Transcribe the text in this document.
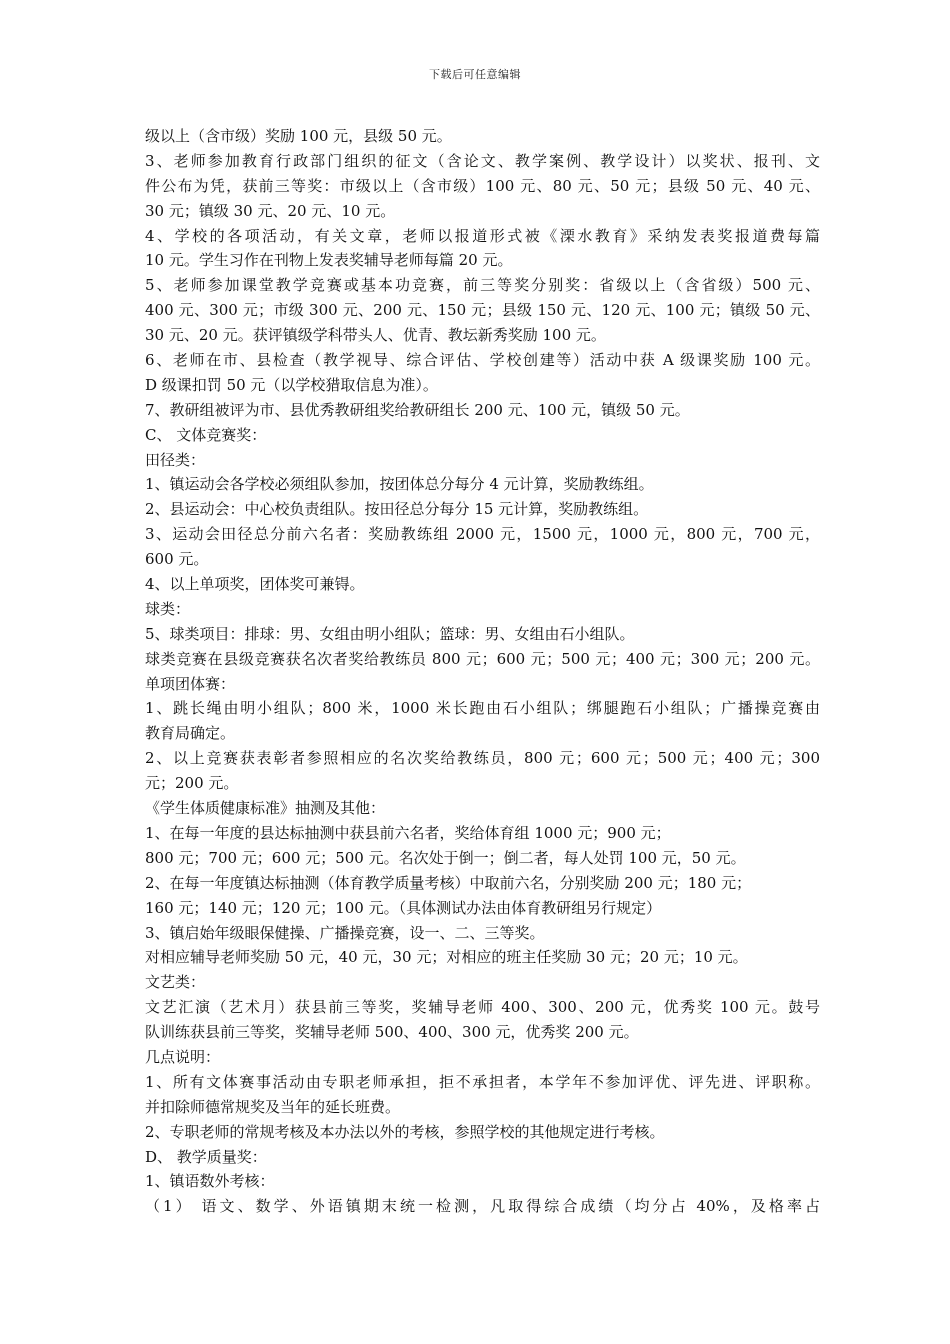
下载后可任意编辑
级以上（含市级）奖励 100 元，县级 50 元。
3、老师参加教育行政部门组织的征文（含论文、教学案例、教学设计）以奖状、报刊、文
件公布为凭，获前三等奖：市级以上（含市级）100 元、80 元、50 元；县级 50 元、40 元、
30 元；镇级 30 元、20 元、10 元。
4、学校的各项活动，有关文章，老师以报道形式被《溧水教育》采纳发表奖报道费每篇
10 元。学生习作在刊物上发表奖辅导老师每篇 20 元。
5、老师参加课堂教学竞赛或基本功竞赛，前三等奖分别奖：省级以上（含省级）500 元、
400 元、300 元；市级 300 元、200 元、150 元；县级 150 元、120 元、100 元；镇级 50 元、
30 元、20 元。获评镇级学科带头人、优青、教坛新秀奖励 100 元。
6、老师在市、县检查（教学视导、综合评估、学校创建等）活动中获 A 级课奖励 100 元。
D 级课扣罚 50 元（以学校猎取信息为准）。
7、教研组被评为市、县优秀教研组奖给教研组长 200 元、100 元，镇级 50 元。
C、 文体竞赛奖：
田径类：
1、镇运动会各学校必须组队参加，按团体总分每分 4 元计算，奖励教练组。
2、县运动会：中心校负责组队。按田径总分每分 15 元计算，奖励教练组。
3、运动会田径总分前六名者：奖励教练组 2000 元，1500 元，1000 元，800 元，700 元，
600 元。
4、以上单项奖，团体奖可兼锝。
球类：
5、球类项目：排球：男、女组由明小组队；篮球：男、女组由石小组队。
球类竞赛在县级竞赛获名次者奖给教练员 800 元；600 元；500 元；400 元；300 元；200 元。
单项团体赛：
1、跳长绳由明小组队；800 米，1000 米长跑由石小组队；绑腿跑石小组队；广播操竞赛由
教育局确定。
2、以上竞赛获表彰者参照相应的名次奖给教练员，800 元；600 元；500 元；400 元；300
元；200 元。
《学生体质健康标准》抽测及其他：
1、在每一年度的县达标抽测中获县前六名者，奖给体育组 1000 元；900 元；
800 元；700 元；600 元；500 元。名次处于倒一；倒二者，每人处罚 100 元，50 元。
2、在每一年度镇达标抽测（体育教学质量考核）中取前六名，分别奖励 200 元；180 元；
160 元；140 元；120 元；100 元。（具体测试办法由体育教研组另行规定）
3、镇启始年级眼保健操、广播操竞赛，设一、二、三等奖。
对相应辅导老师奖励 50 元，40 元，30 元；对相应的班主任奖励 30 元；20 元；10 元。
文艺类：
文艺汇演（艺术月）获县前三等奖，奖辅导老师 400、300、200 元，优秀奖 100 元。鼓号
队训练获县前三等奖，奖辅导老师 500、400、300 元，优秀奖 200 元。
几点说明：
1、所有文体赛事活动由专职老师承担，拒不承担者，本学年不参加评优、评先进、评职称。
并扣除师德常规奖及当年的延长班费。
2、专职老师的常规考核及本办法以外的考核，参照学校的其他规定进行考核。
D、 教学质量奖：
1、镇语数外考核：
（1） 语文、数学、外语镇期末统一检测，凡取得综合成绩（均分占 40%，及格率占
